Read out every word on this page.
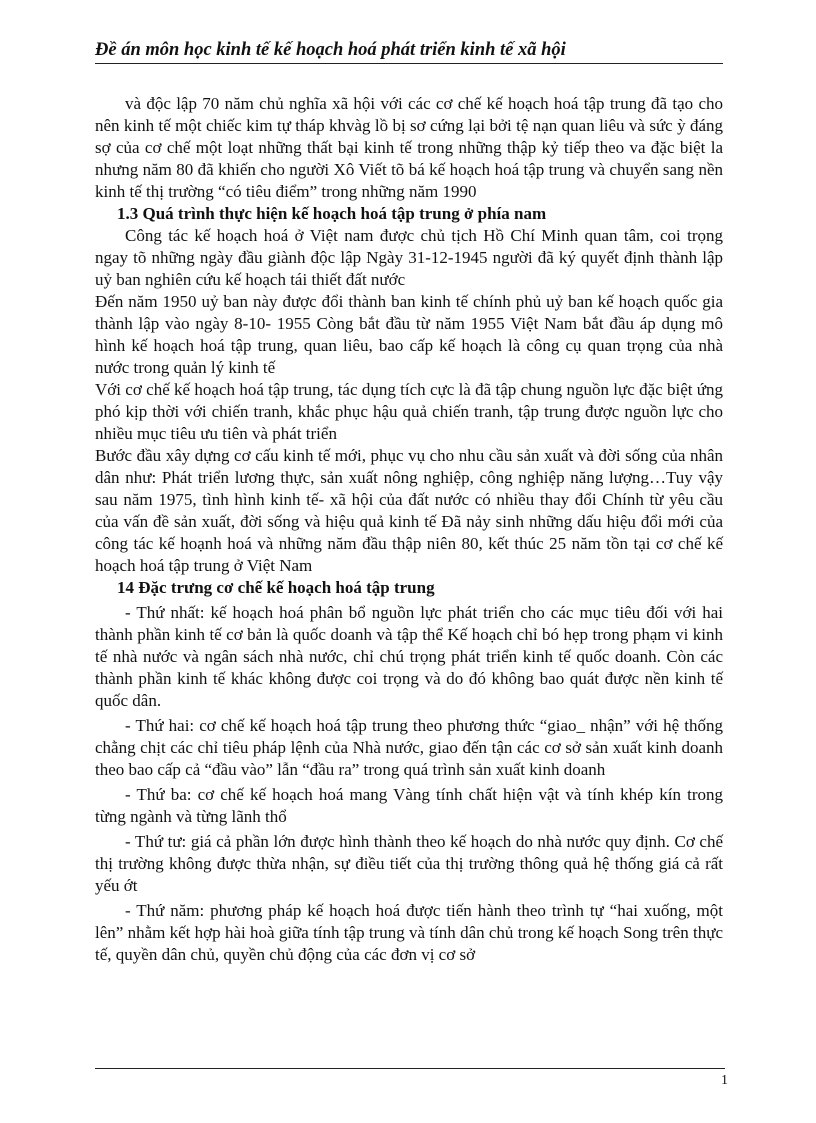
Đề án môn học kinh tế kế hoạch hoá phát triển kinh tế xã hội

và độc lập 70 năm chủ nghĩa xã hội với các cơ chế kế hoạch hoá tập trung đã tạo cho nên kinh tế một chiếc kim tự tháp khvàg lồ bị sơ cứng lại bởi tệ nạn quan liêu và sức ỳ đáng sợ của cơ chế một loạt những thất bại kinh tế trong những thập kỷ tiếp theo va đặc biệt la nhưng năm 80 đã khiến cho người Xô Viết tõ bá kế hoạch hoá tập trung và chuyển sang nền kinh tế thị trường “có tiêu điểm” trong những năm 1990

1.3 Quá trình thực hiện kế hoạch hoá tập trung ở phía nam

Công tác kế hoạch hoá ở Việt nam được chủ tịch Hồ Chí Minh quan tâm, coi trọng ngay tõ những ngày đầu giành độc lập Ngày 31-12-1945 người đã ký quyết định thành lập uỷ ban nghiên cứu kế hoạch tái thiết đất nước

Đến năm 1950 uỷ ban này được đổi thành ban kinh tế chính phủ uỷ ban kế hoạch quốc gia thành lập vào ngày 8-10- 1955 Còng bắt đầu từ năm 1955 Việt Nam bắt đầu áp dụng mô hình kế hoạch hoá tập trung, quan liêu, bao cấp kế hoạch là công cụ quan trọng của nhà nước trong quản lý kinh tế

Với cơ chế kế hoạch hoá tập trung, tác dụng tích cực là đã tập chung nguồn lực đặc biệt ứng phó kịp thời với chiến tranh, khắc phục hậu quả chiến tranh, tập trung được nguồn lực cho nhiều mục tiêu ưu tiên và phát triển

Bước đầu xây dựng cơ cấu kinh tế mới, phục vụ cho nhu cầu sản xuất và đời sống của nhân dân như: Phát triển lương thực, sản xuất nông nghiệp, công nghiệp năng lượng…Tuy vậy sau năm 1975, tình hình kinh tế- xã hội của đất nước có nhiều thay đổi Chính từ yêu cầu của vấn đề sản xuất, đời sống và hiệu quả kinh tế Đã nảy sinh những dấu hiệu đổi mới của công tác kế hoạnh hoá và những năm đầu thập niên 80, kết thúc 25 năm tồn tại cơ chế kế hoạch hoá tập trung ở Việt Nam

14 Đặc trưng cơ chế kế hoạch hoá tập trung

- Thứ nhất: kế hoạch hoá phân bổ nguồn lực phát triển cho các mục tiêu đối với hai thành phần kinh tế cơ bản là quốc doanh và tập thể Kế hoạch chỉ bó hẹp trong phạm vi kinh tế nhà nước và ngân sách nhà nước, chỉ chú trọng phát triển kinh tế quốc doanh. Còn các thành phần kinh tế khác không được coi trọng và do đó không bao quát được nền kinh tế quốc dân.

- Thứ hai: cơ chế kế hoạch hoá tập trung theo phương thức “giao_ nhận” với hệ thống chằng chịt các chỉ tiêu pháp lệnh của Nhà nước, giao đến tận các cơ sở sản xuất kinh doanh theo bao cấp cả “đầu vào” lẫn “đầu ra” trong quá trình sản xuất kinh doanh

- Thứ ba: cơ chế kế hoạch hoá mang Vàng tính chất hiện vật và tính khép kín trong từng ngành và từng lãnh thổ

- Thứ tư: giá cả phần lớn được hình thành theo kế hoạch do nhà nước quy định. Cơ chế thị trường không được thừa nhận, sự điều tiết của thị trường thông quả hệ thống giá cả rất yếu ớt

- Thứ năm: phương pháp kế hoạch hoá được tiến hành theo trình tự “hai xuống, một lên” nhằm kết hợp hài hoà giữa tính tập trung và tính dân chủ trong kế hoạch Song trên thực tế, quyền dân chủ, quyền chủ động của các đơn vị cơ sở

1
